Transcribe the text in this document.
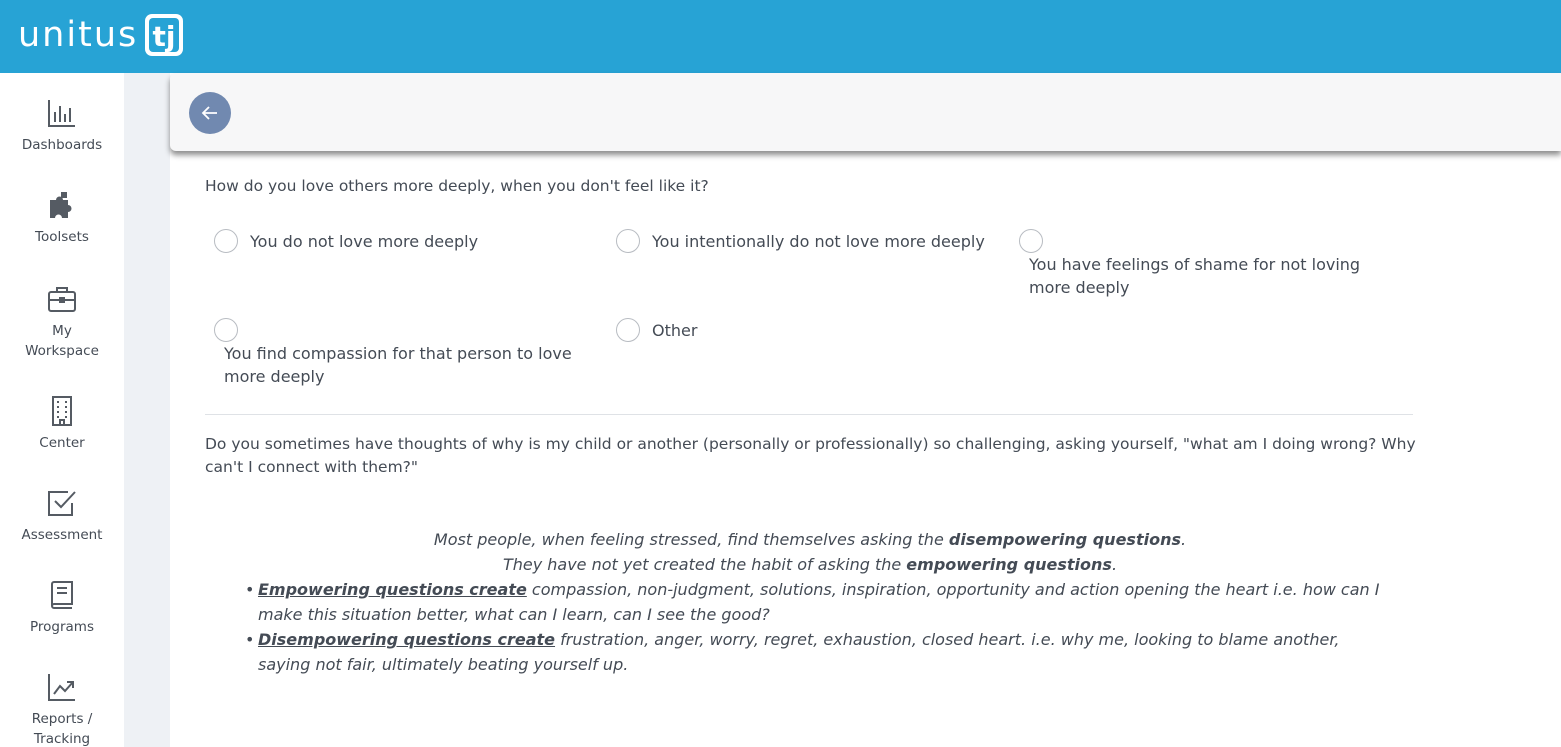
unitus tj
Dashboards
Toolsets
My Workspace
Center
Assessment
Programs
Reports / Tracking
How do you love others more deeply, when you don't feel like it?
You do not love more deeply	You intentionally do not love more deeply
You have feelings of shame for not loving more deeply
You find compassion for that person to love more deeply
Other
Do you sometimes have thoughts of why is my child or another (personally or professionally) so challenging, asking yourself, "what am I doing wrong? Why can't I connect with them?"
Most people, when feeling stressed, find themselves asking the disempowering questions.
They have not yet created the habit of asking the empowering questions.
• Empowering questions create compassion, non-judgment, solutions, inspiration, opportunity and action opening the heart i.e. how can I make this situation better, what can I learn, can I see the good?
• Disempowering questions create frustration, anger, worry, regret, exhaustion, closed heart. i.e. why me, looking to blame another, saying not fair, ultimately beating yourself up.
